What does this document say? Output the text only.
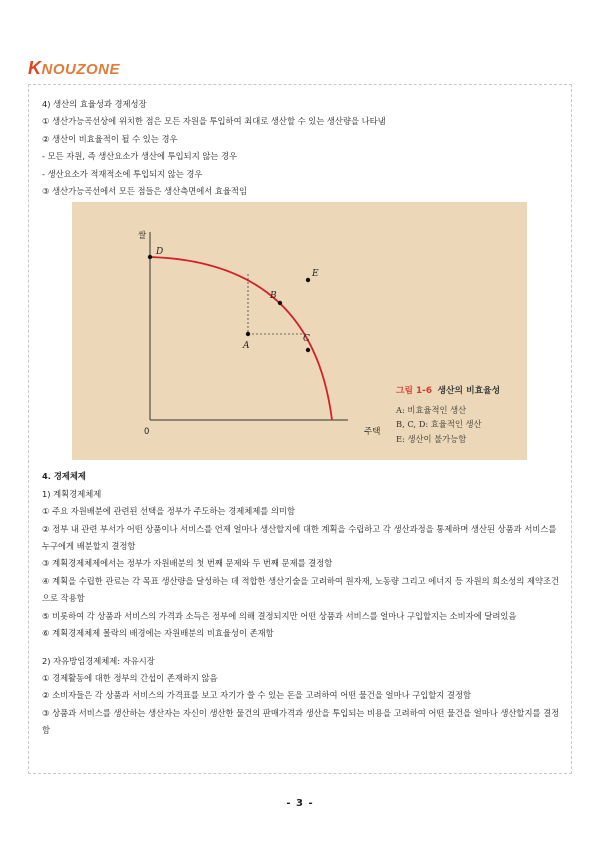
KNOUZONE
4) 생산의 효율성과 경제성장
① 생산가능곡선상에 위치한 점은 모든 자원을 투입하여 최대로 생산할 수 있는 생산량을 나타냄
② 생산이 비효율적이 될 수 있는 경우
- 모든 자원, 즉 생산요소가 생산에 투입되지 않는 경우
- 생산요소가 적재적소에 투입되지 않는 경우
③ 생산가능곡선에서 모든 점들은 생산측면에서 효율적임
쌀
주택
0
D
B
C
A
E
그림 1-6 생산의 비효율성
A: 비효율적인 생산
B, C, D: 효율적인 생산
E: 생산이 불가능함
4. 경제체제
1) 계획경제체제
① 주요 자원배분에 관련된 선택을 정부가 주도하는 경제체제를 의미함
② 정부 내 관련 부서가 어떤 상품이나 서비스를 언제 얼마나 생산할지에 대한 계획을 수립하고 각 생산과정을 통제하며 생산된 상품과 서비스를 누구에게 배분할지 결정함
③ 계획경제체제에서는 정부가 자원배분의 첫 번째 문제와 두 번째 문제를 결정함
④ 계획을 수립한 관료는 각 목표 생산량을 달성하는 데 적합한 생산기술을 고려하여 원자재, 노동량 그리고 에너지 등 자원의 희소성의 제약조건으로 작용함
⑤ 비롯하여 각 상품과 서비스의 가격과 소득은 정부에 의해 결정되지만 어떤 상품과 서비스를 얼마나 구입할지는 소비자에 달려있음
⑥ 계획경제체제 몰락의 배경에는 자원배분의 비효율성이 존재함
2) 자유방임경제체제: 자유시장
① 경제활동에 대한 정부의 간섭이 존재하지 않음
② 소비자들은 각 상품과 서비스의 가격표를 보고 자기가 쓸 수 있는 돈을 고려하여 어떤 물건을 얼마나 구입할지 결정함
③ 상품과 서비스를 생산하는 생산자는 자신이 생산한 물건의 판매가격과 생산을 투입되는 비용을 고려하여 어떤 물건을 얼마나 생산할지를 결정함
- 3 -
